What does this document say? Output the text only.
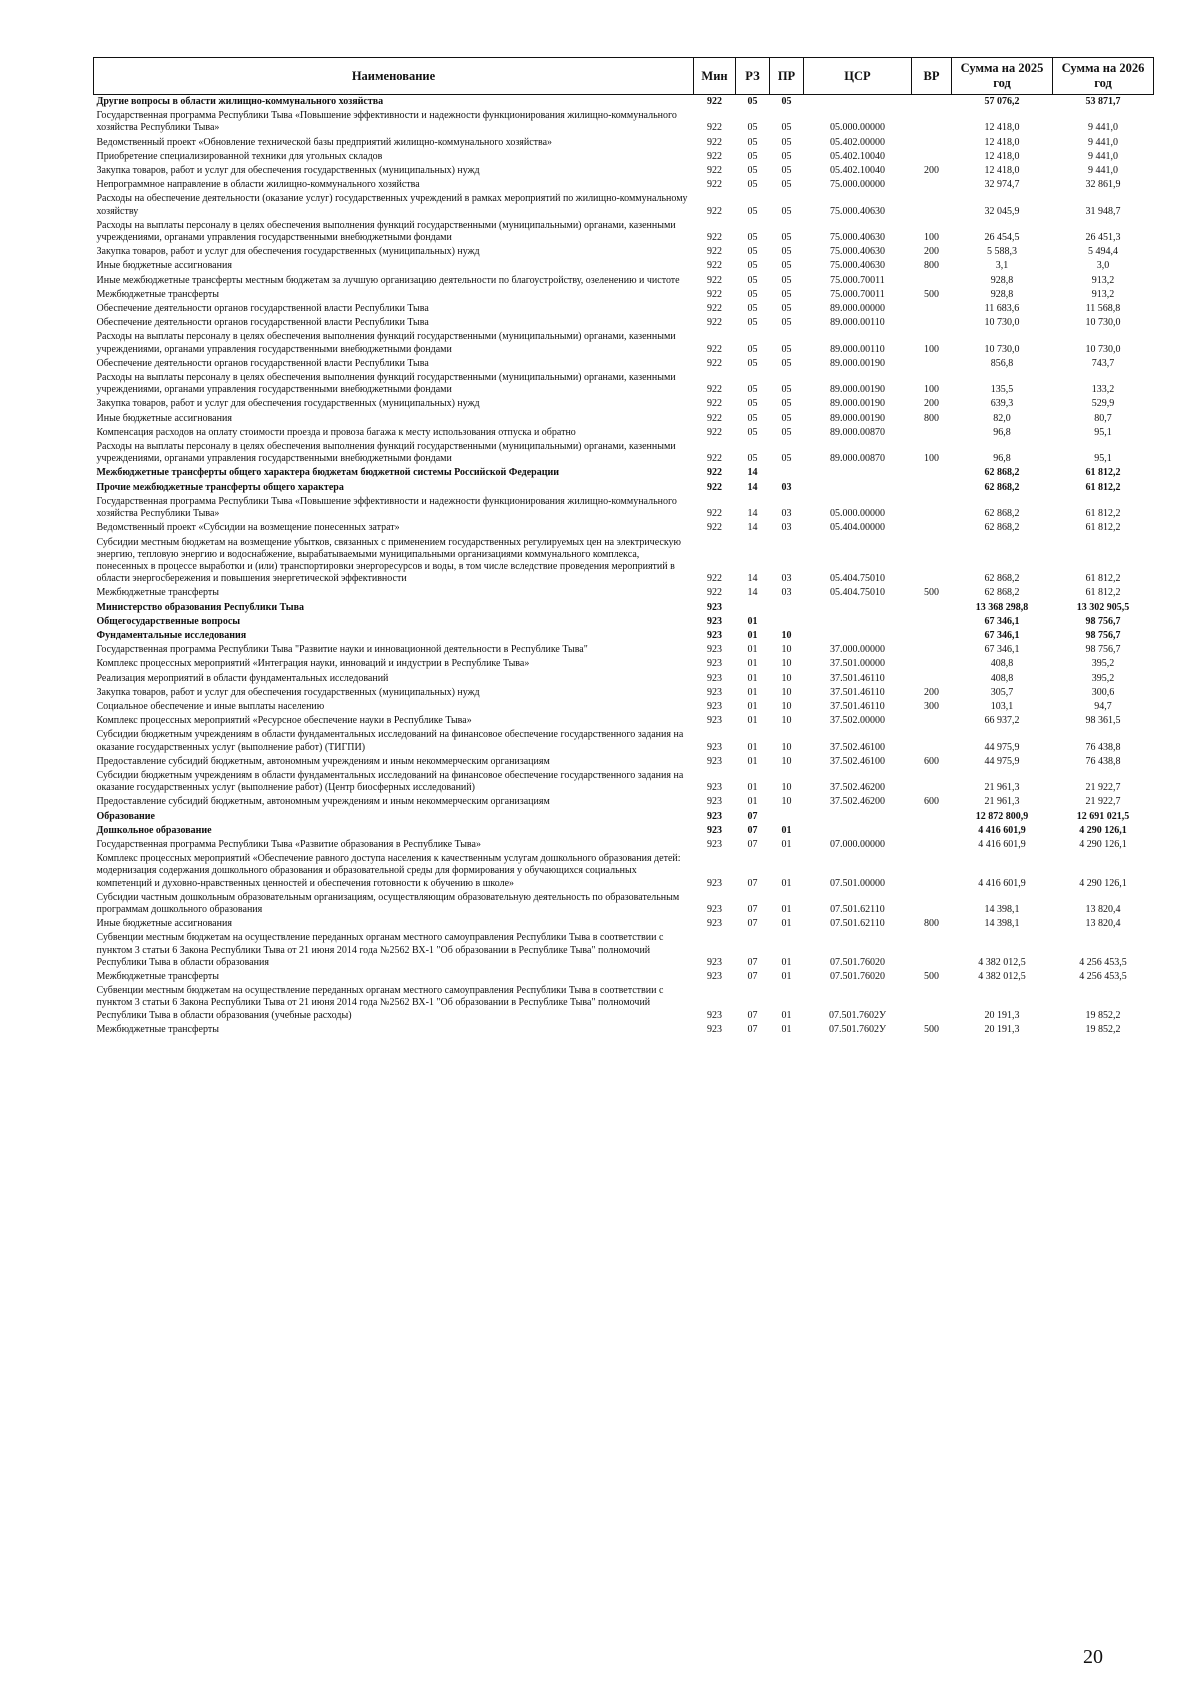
Наименование	Мин	РЗ	ПР	ЦСР	ВР	Сумма на 2025 год	Сумма на 2026 год
Другие вопросы в области жилищно-коммунального хозяйства	922	05	05			57 076,2	53 871,7
Государственная программа Республики Тыва «Повышение эффективности и надежности функционирования жилищно-коммунального хозяйства Республики Тыва»	922	05	05	05.000.00000		12 418,0	9 441,0
Ведомственный проект «Обновление технической базы предприятий жилищно-коммунального хозяйства»	922	05	05	05.402.00000		12 418,0	9 441,0
Приобретение специализированной техники для угольных складов	922	05	05	05.402.10040		12 418,0	9 441,0
Закупка товаров, работ и услуг для обеспечения государственных (муниципальных) нужд	922	05	05	05.402.10040	200	12 418,0	9 441,0
Непрограммное направление в области жилищно-коммунального хозяйства	922	05	05	75.000.00000		32 974,7	32 861,9
Расходы на обеспечение деятельности (оказание услуг) государственных учреждений в рамках мероприятий по жилищно-коммунальному хозяйству	922	05	05	75.000.40630		32 045,9	31 948,7
Расходы на выплаты персоналу в целях обеспечения выполнения функций государственными (муниципальными) органами, казенными учреждениями, органами управления государственными внебюджетными фондами	922	05	05	75.000.40630	100	26 454,5	26 451,3
Закупка товаров, работ и услуг для обеспечения государственных (муниципальных) нужд	922	05	05	75.000.40630	200	5 588,3	5 494,4
Иные бюджетные ассигнования	922	05	05	75.000.40630	800	3,1	3,0
Иные межбюджетные трансферты местным бюджетам за лучшую организацию деятельности по благоустройству, озеленению и чистоте	922	05	05	75.000.70011		928,8	913,2
Межбюджетные трансферты	922	05	05	75.000.70011	500	928,8	913,2
Обеспечение деятельности органов государственной власти Республики Тыва	922	05	05	89.000.00000		11 683,6	11 568,8
Обеспечение деятельности органов государственной власти Республики Тыва	922	05	05	89.000.00110		10 730,0	10 730,0
Расходы на выплаты персоналу в целях обеспечения выполнения функций государственными (муниципальными) органами, казенными учреждениями, органами управления государственными внебюджетными фондами	922	05	05	89.000.00110	100	10 730,0	10 730,0
Обеспечение деятельности органов государственной власти Республики Тыва	922	05	05	89.000.00190		856,8	743,7
Расходы на выплаты персоналу в целях обеспечения выполнения функций государственными (муниципальными) органами, казенными учреждениями, органами управления государственными внебюджетными фондами	922	05	05	89.000.00190	100	135,5	133,2
Закупка товаров, работ и услуг для обеспечения государственных (муниципальных) нужд	922	05	05	89.000.00190	200	639,3	529,9
Иные бюджетные ассигнования	922	05	05	89.000.00190	800	82,0	80,7
Компенсация расходов на оплату стоимости проезда и провоза багажа к месту использования отпуска и обратно	922	05	05	89.000.00870		96,8	95,1
Расходы на выплаты персоналу в целях обеспечения выполнения функций государственными (муниципальными) органами, казенными учреждениями, органами управления государственными внебюджетными фондами	922	05	05	89.000.00870	100	96,8	95,1
Межбюджетные трансферты общего характера бюджетам бюджетной системы Российской Федерации	922	14				62 868,2	61 812,2
Прочие межбюджетные трансферты общего характера	922	14	03			62 868,2	61 812,2
Государственная программа Республики Тыва «Повышение эффективности и надежности функционирования жилищно-коммунального хозяйства Республики Тыва»	922	14	03	05.000.00000		62 868,2	61 812,2
Ведомственный проект «Субсидии на возмещение понесенных затрат»	922	14	03	05.404.00000		62 868,2	61 812,2
Субсидии местным бюджетам на возмещение убытков, связанных с применением государственных регулируемых цен на электрическую энергию, тепловую энергию и водоснабжение, вырабатываемыми муниципальными организациями коммунального комплекса, понесенных в процессе выработки и (или) транспортировки энергоресурсов и воды, в том числе вследствие проведения мероприятий в области энергосбережения и повышения энергетической эффективности	922	14	03	05.404.75010		62 868,2	61 812,2
Межбюджетные трансферты	922	14	03	05.404.75010	500	62 868,2	61 812,2
Министерство образования Республики Тыва	923					13 368 298,8	13 302 905,5
Общегосударственные вопросы	923	01				67 346,1	98 756,7
Фундаментальные исследования	923	01	10			67 346,1	98 756,7
Государственная программа Республики Тыва "Развитие науки и инновационной деятельности в Республике Тыва"	923	01	10	37.000.00000		67 346,1	98 756,7
Комплекс процессных мероприятий «Интеграция науки, инноваций и индустрии в Республике Тыва»	923	01	10	37.501.00000		408,8	395,2
Реализация мероприятий в области фундаментальных исследований	923	01	10	37.501.46110		408,8	395,2
Закупка товаров, работ и услуг для обеспечения государственных (муниципальных) нужд	923	01	10	37.501.46110	200	305,7	300,6
Социальное обеспечение и иные выплаты населению	923	01	10	37.501.46110	300	103,1	94,7
Комплекс процессных мероприятий «Ресурсное обеспечение науки в Республике Тыва»	923	01	10	37.502.00000		66 937,2	98 361,5
Субсидии бюджетным учреждениям в области фундаментальных исследований на финансовое обеспечение государственного задания на оказание государственных услуг (выполнение работ) (ТИГПИ)	923	01	10	37.502.46100		44 975,9	76 438,8
Предоставление субсидий бюджетным, автономным учреждениям и иным некоммерческим организациям	923	01	10	37.502.46100	600	44 975,9	76 438,8
Субсидии бюджетным учреждениям в области фундаментальных исследований на финансовое обеспечение государственного задания на оказание государственных услуг (выполнение работ) (Центр биосферных исследований)	923	01	10	37.502.46200		21 961,3	21 922,7
Предоставление субсидий бюджетным, автономным учреждениям и иным некоммерческим организациям	923	01	10	37.502.46200	600	21 961,3	21 922,7
Образование	923	07				12 872 800,9	12 691 021,5
Дошкольное образование	923	07	01			4 416 601,9	4 290 126,1
Государственная программа Республики Тыва «Развитие образования в Республике Тыва»	923	07	01	07.000.00000		4 416 601,9	4 290 126,1
Комплекс процессных мероприятий «Обеспечение равного доступа населения к качественным услугам дошкольного образования детей: модернизация содержания дошкольного образования и образовательной среды для формирования у обучающихся социальных компетенций и духовно-нравственных ценностей и обеспечения готовности к обучению в школе»	923	07	01	07.501.00000		4 416 601,9	4 290 126,1
Субсидии частным дошкольным образовательным организациям, осуществляющим образовательную деятельность по образовательным программам дошкольного образования	923	07	01	07.501.62110		14 398,1	13 820,4
Иные бюджетные ассигнования	923	07	01	07.501.62110	800	14 398,1	13 820,4
Субвенции местным бюджетам на осуществление переданных органам местного самоуправления Республики Тыва в соответствии с пунктом 3 статьи 6 Закона Республики Тыва от 21 июня 2014 года №2562 ВХ-1 "Об образовании в Республике Тыва" полномочий Республики Тыва в области образования	923	07	01	07.501.76020		4 382 012,5	4 256 453,5
Межбюджетные трансферты	923	07	01	07.501.76020	500	4 382 012,5	4 256 453,5
Субвенции местным бюджетам на осуществление переданных органам местного самоуправления Республики Тыва в соответствии с пунктом 3 статьи 6 Закона Республики Тыва от 21 июня 2014 года №2562 ВХ-1 "Об образовании в Республике Тыва" полномочий Республики Тыва в области образования (учебные расходы)	923	07	01	07.501.7602У		20 191,3	19 852,2
Межбюджетные трансферты	923	07	01	07.501.7602У	500	20 191,3	19 852,2
20
